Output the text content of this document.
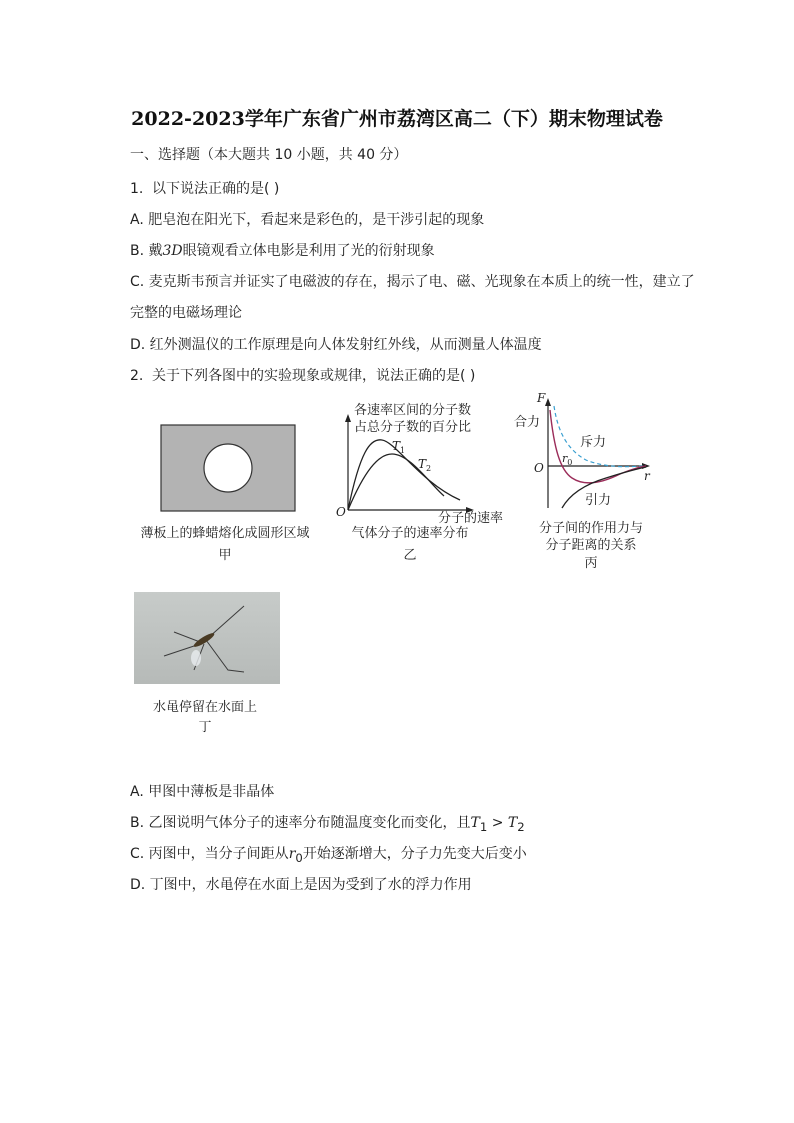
2022-2023学年广东省广州市荔湾区高二（下）期末物理试卷
一、选择题（本大题共 10 小题，共 40 分）
1. 以下说法正确的是( )
A. 肥皂泡在阳光下，看起来是彩色的，是干涉引起的现象
B. 戴3D眼镜观看立体电影是利用了光的衍射现象
C. 麦克斯韦预言并证实了电磁波的存在，揭示了电、磁、光现象在本质上的统一性，建立了
完整的电磁场理论
D. 红外测温仪的工作原理是向人体发射红外线，从而测量人体温度
2. 关于下列各图中的实验现象或规律，说法正确的是( )
薄板上的蜂蜡熔化成圆形区域
甲
各速率区间的分子数
占总分子数的百分比
$T_1$
$T_2$
O	分子的速率
气体分子的速率分布
乙
F
合力
斥力
引力
O
$r_0$
r
分子间的作用力与
分子距离的关系
丙
水黾停留在水面上
丁
A. 甲图中薄板是非晶体
B. 乙图说明气体分子的速率分布随温度变化而变化，且$T_1 > T_2$
C. 丙图中，当分子间距从$r_0$开始逐渐增大，分子力先变大后变小
D. 丁图中，水黾停在水面上是因为受到了水的浮力作用
